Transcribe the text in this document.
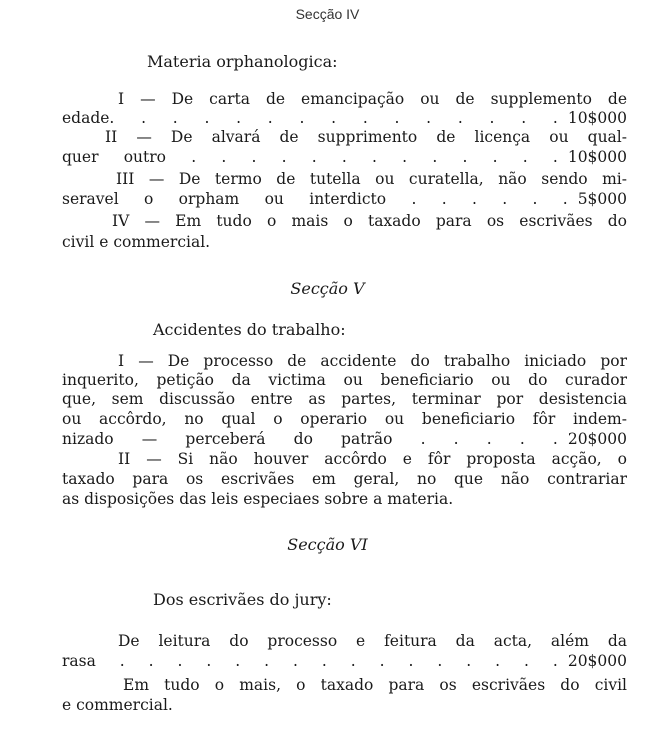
Secção IV
Materia orphanologica:
I — De carta de emancipação ou de supplemento de
edade. . . . . . . . . . . . . . . 10$000
II — De alvará de supprimento de licença ou qual-
quer outro . . . . . . . . . . . . . 10$000
III — De termo de tutella ou curatella, não sendo mi-
seravel o orpham ou interdicto . . . . . . 5$000
IV — Em tudo o mais o taxado para os escrivães do
civil e commercial.
Secção V
Accidentes do trabalho:
I — De processo de accidente do trabalho iniciado por
inquerito, petição da victima ou beneficiario ou do curador
que, sem discussão entre as partes, terminar por desistencia
ou accôrdo, no qual o operario ou beneficiario fôr indem-
nizado — perceberá do patrão . . . . . 20$000
II — Si não houver accôrdo e fôr proposta acção, o
taxado para os escrivães em geral, no que não contrariar
as disposições das leis especiaes sobre a materia.
Secção VI
Dos escrivães do jury:
De leitura do processo e feitura da acta, além da
rasa . . . . . . . . . . . . . . . . 20$000
Em tudo o mais, o taxado para os escrivães do civil
e commercial.
